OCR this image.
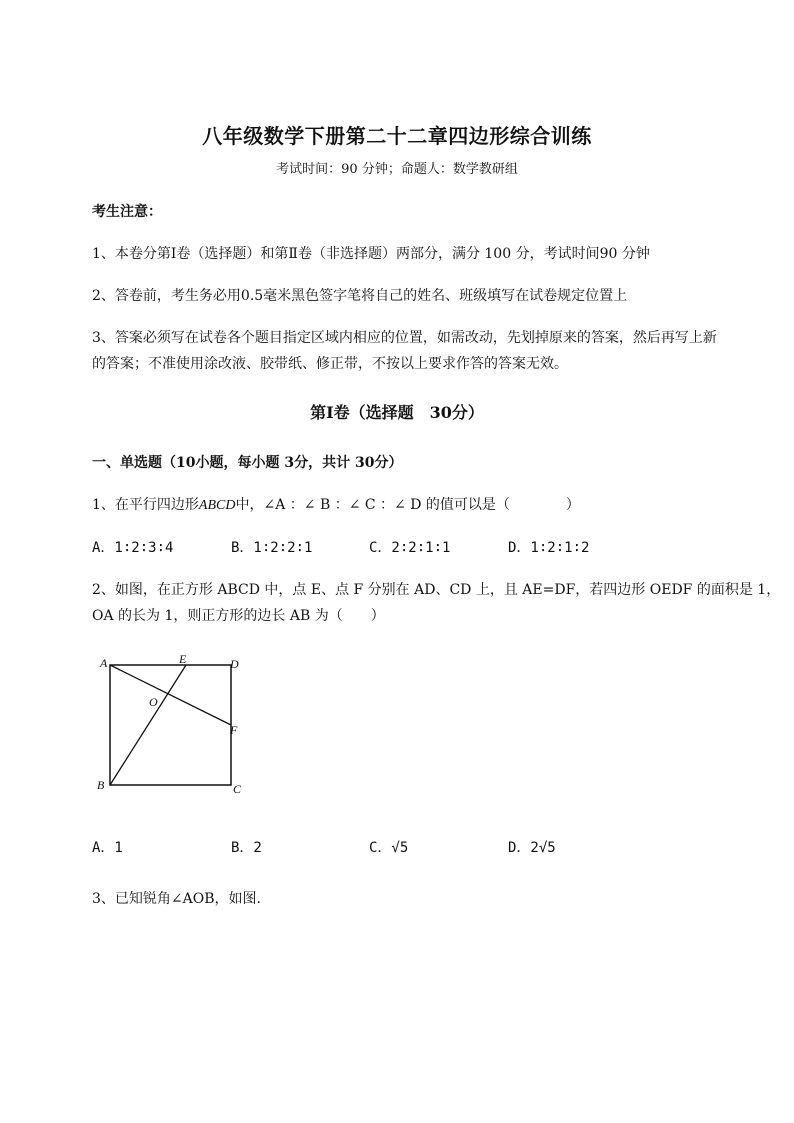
八年级数学下册第二十二章四边形综合训练
考试时间：90 分钟；命题人：数学教研组
考生注意：
1、本卷分第Ⅰ卷（选择题）和第Ⅱ卷（非选择题）两部分，满分 100 分，考试时间90 分钟
2、答卷前，考生务必用0.5毫米黑色签字笔将自己的姓名、班级填写在试卷规定位置上
3、答案必须写在试卷各个题目指定区域内相应的位置，如需改动，先划掉原来的答案，然后再写上新
的答案；不准使用涂改液、胶带纸、修正带，不按以上要求作答的答案无效。
第Ⅰ卷（选择题　30分）
一、单选题（10小题，每小题 3分，共计 30分）
1、在平行四边形ABCD中，∠A ：∠ B ：∠ C ：∠ D 的值可以是（　　　　）
A．1∶2∶3∶4	B．1∶2∶2∶1	C．2∶2∶1∶1	D．1∶2∶1∶2
2、如图，在正方形 ABCD 中，点 E、点 F 分别在 AD、CD 上，且 AE=DF，若四边形 OEDF 的面积是 1，
OA 的长为 1，则正方形的边长 AB 为（　　）
A	E	D
O
F
B	C
A．1	B．2	C．√5	D．2√5
3、已知锐角∠AOB，如图．
